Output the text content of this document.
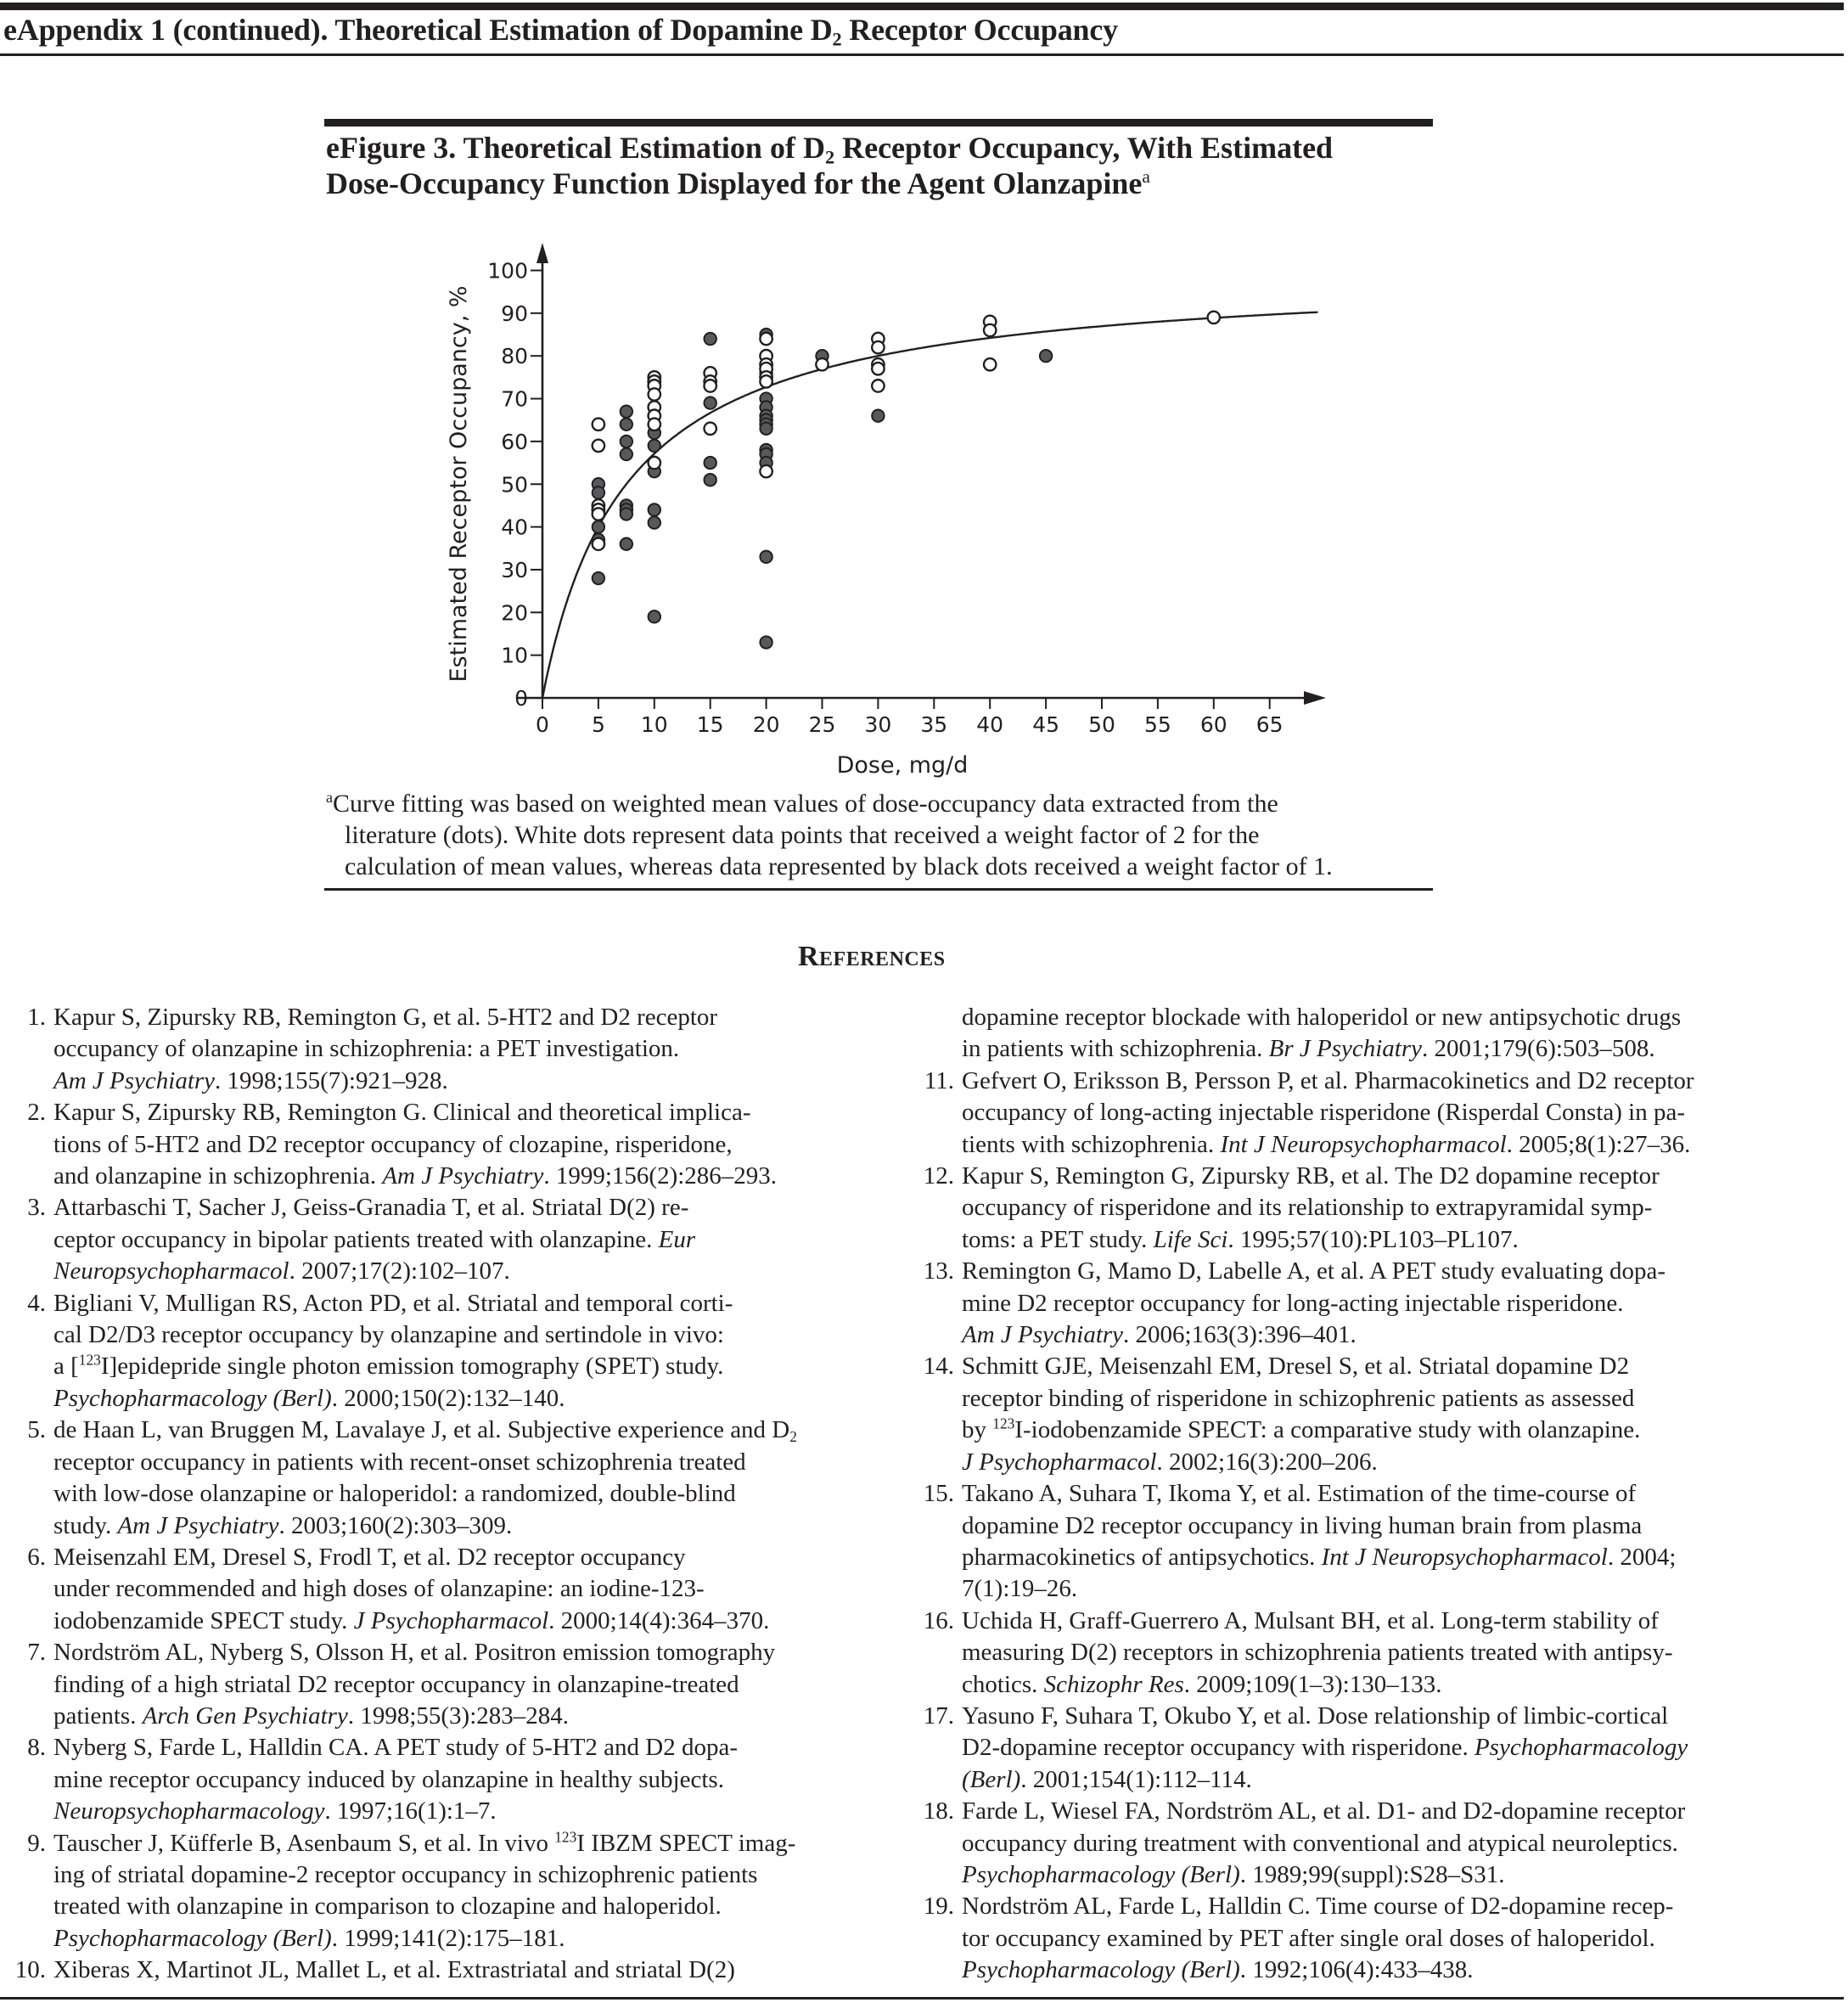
eAppendix 1 (continued). Theoretical Estimation of Dopamine $D_2$ Receptor Occupancy
eFigure 3. Theoretical Estimation of $D_2$ Receptor Occupancy, With Estimated
Dose-Occupancy Function Displayed for the Agent Olanzapine$^a$
0
10
20
30
40
50
60
70
80
90
100
0 5 10 15 20 25 30 35 40 45 50 55 60 65
Estimated Receptor Occupancy, %
Dose, mg/d
$^a$Curve fitting was based on weighted mean values of dose-occupancy data extracted from the
literature (dots). White dots represent data points that received a weight factor of 2 for the
calculation of mean values, whereas data represented by black dots received a weight factor of 1.
References
1. Kapur S, Zipursky RB, Remington G, et al. 5-HT2 and D2 receptor
occupancy of olanzapine in schizophrenia: a PET investigation.
Am J Psychiatry. 1998;155(7):921–928.
2. Kapur S, Zipursky RB, Remington G. Clinical and theoretical implica-
tions of 5-HT2 and D2 receptor occupancy of clozapine, risperidone,
and olanzapine in schizophrenia. Am J Psychiatry. 1999;156(2):286–293.
3. Attarbaschi T, Sacher J, Geiss-Granadia T, et al. Striatal D(2) re-
ceptor occupancy in bipolar patients treated with olanzapine. Eur
Neuropsychopharmacol. 2007;17(2):102–107.
4. Bigliani V, Mulligan RS, Acton PD, et al. Striatal and temporal corti-
cal D2/D3 receptor occupancy by olanzapine and sertindole in vivo:
a [$^{123}$I]epidepride single photon emission tomography (SPET) study.
Psychopharmacology (Berl). 2000;150(2):132–140.
5. de Haan L, van Bruggen M, Lavalaye J, et al. Subjective experience and $D_2$
receptor occupancy in patients with recent-onset schizophrenia treated
with low-dose olanzapine or haloperidol: a randomized, double-blind
study. Am J Psychiatry. 2003;160(2):303–309.
6. Meisenzahl EM, Dresel S, Frodl T, et al. D2 receptor occupancy
under recommended and high doses of olanzapine: an iodine-123-
iodobenzamide SPECT study. J Psychopharmacol. 2000;14(4):364–370.
7. Nordström AL, Nyberg S, Olsson H, et al. Positron emission tomography
finding of a high striatal D2 receptor occupancy in olanzapine-treated
patients. Arch Gen Psychiatry. 1998;55(3):283–284.
8. Nyberg S, Farde L, Halldin CA. A PET study of 5-HT2 and D2 dopa-
mine receptor occupancy induced by olanzapine in healthy subjects.
Neuropsychopharmacology. 1997;16(1):1–7.
9. Tauscher J, Küfferle B, Asenbaum S, et al. In vivo $^{123}$I IBZM SPECT imag-
ing of striatal dopamine-2 receptor occupancy in schizophrenic patients
treated with olanzapine in comparison to clozapine and haloperidol.
Psychopharmacology (Berl). 1999;141(2):175–181.
10. Xiberas X, Martinot JL, Mallet L, et al. Extrastriatal and striatal D(2)
dopamine receptor blockade with haloperidol or new antipsychotic drugs
in patients with schizophrenia. Br J Psychiatry. 2001;179(6):503–508.
11. Gefvert O, Eriksson B, Persson P, et al. Pharmacokinetics and D2 receptor
occupancy of long-acting injectable risperidone (Risperdal Consta) in pa-
tients with schizophrenia. Int J Neuropsychopharmacol. 2005;8(1):27–36.
12. Kapur S, Remington G, Zipursky RB, et al. The D2 dopamine receptor
occupancy of risperidone and its relationship to extrapyramidal symp-
toms: a PET study. Life Sci. 1995;57(10):PL103–PL107.
13. Remington G, Mamo D, Labelle A, et al. A PET study evaluating dopa-
mine D2 receptor occupancy for long-acting injectable risperidone.
Am J Psychiatry. 2006;163(3):396–401.
14. Schmitt GJE, Meisenzahl EM, Dresel S, et al. Striatal dopamine D2
receptor binding of risperidone in schizophrenic patients as assessed
by $^{123}$I-iodobenzamide SPECT: a comparative study with olanzapine.
J Psychopharmacol. 2002;16(3):200–206.
15. Takano A, Suhara T, Ikoma Y, et al. Estimation of the time-course of
dopamine D2 receptor occupancy in living human brain from plasma
pharmacokinetics of antipsychotics. Int J Neuropsychopharmacol. 2004;
7(1):19–26.
16. Uchida H, Graff-Guerrero A, Mulsant BH, et al. Long-term stability of
measuring D(2) receptors in schizophrenia patients treated with antipsy-
chotics. Schizophr Res. 2009;109(1–3):130–133.
17. Yasuno F, Suhara T, Okubo Y, et al. Dose relationship of limbic-cortical
D2-dopamine receptor occupancy with risperidone. Psychopharmacology
(Berl). 2001;154(1):112–114.
18. Farde L, Wiesel FA, Nordström AL, et al. D1- and D2-dopamine receptor
occupancy during treatment with conventional and atypical neuroleptics.
Psychopharmacology (Berl). 1989;99(suppl):S28–S31.
19. Nordström AL, Farde L, Halldin C. Time course of D2-dopamine recep-
tor occupancy examined by PET after single oral doses of haloperidol.
Psychopharmacology (Berl). 1992;106(4):433–438.
